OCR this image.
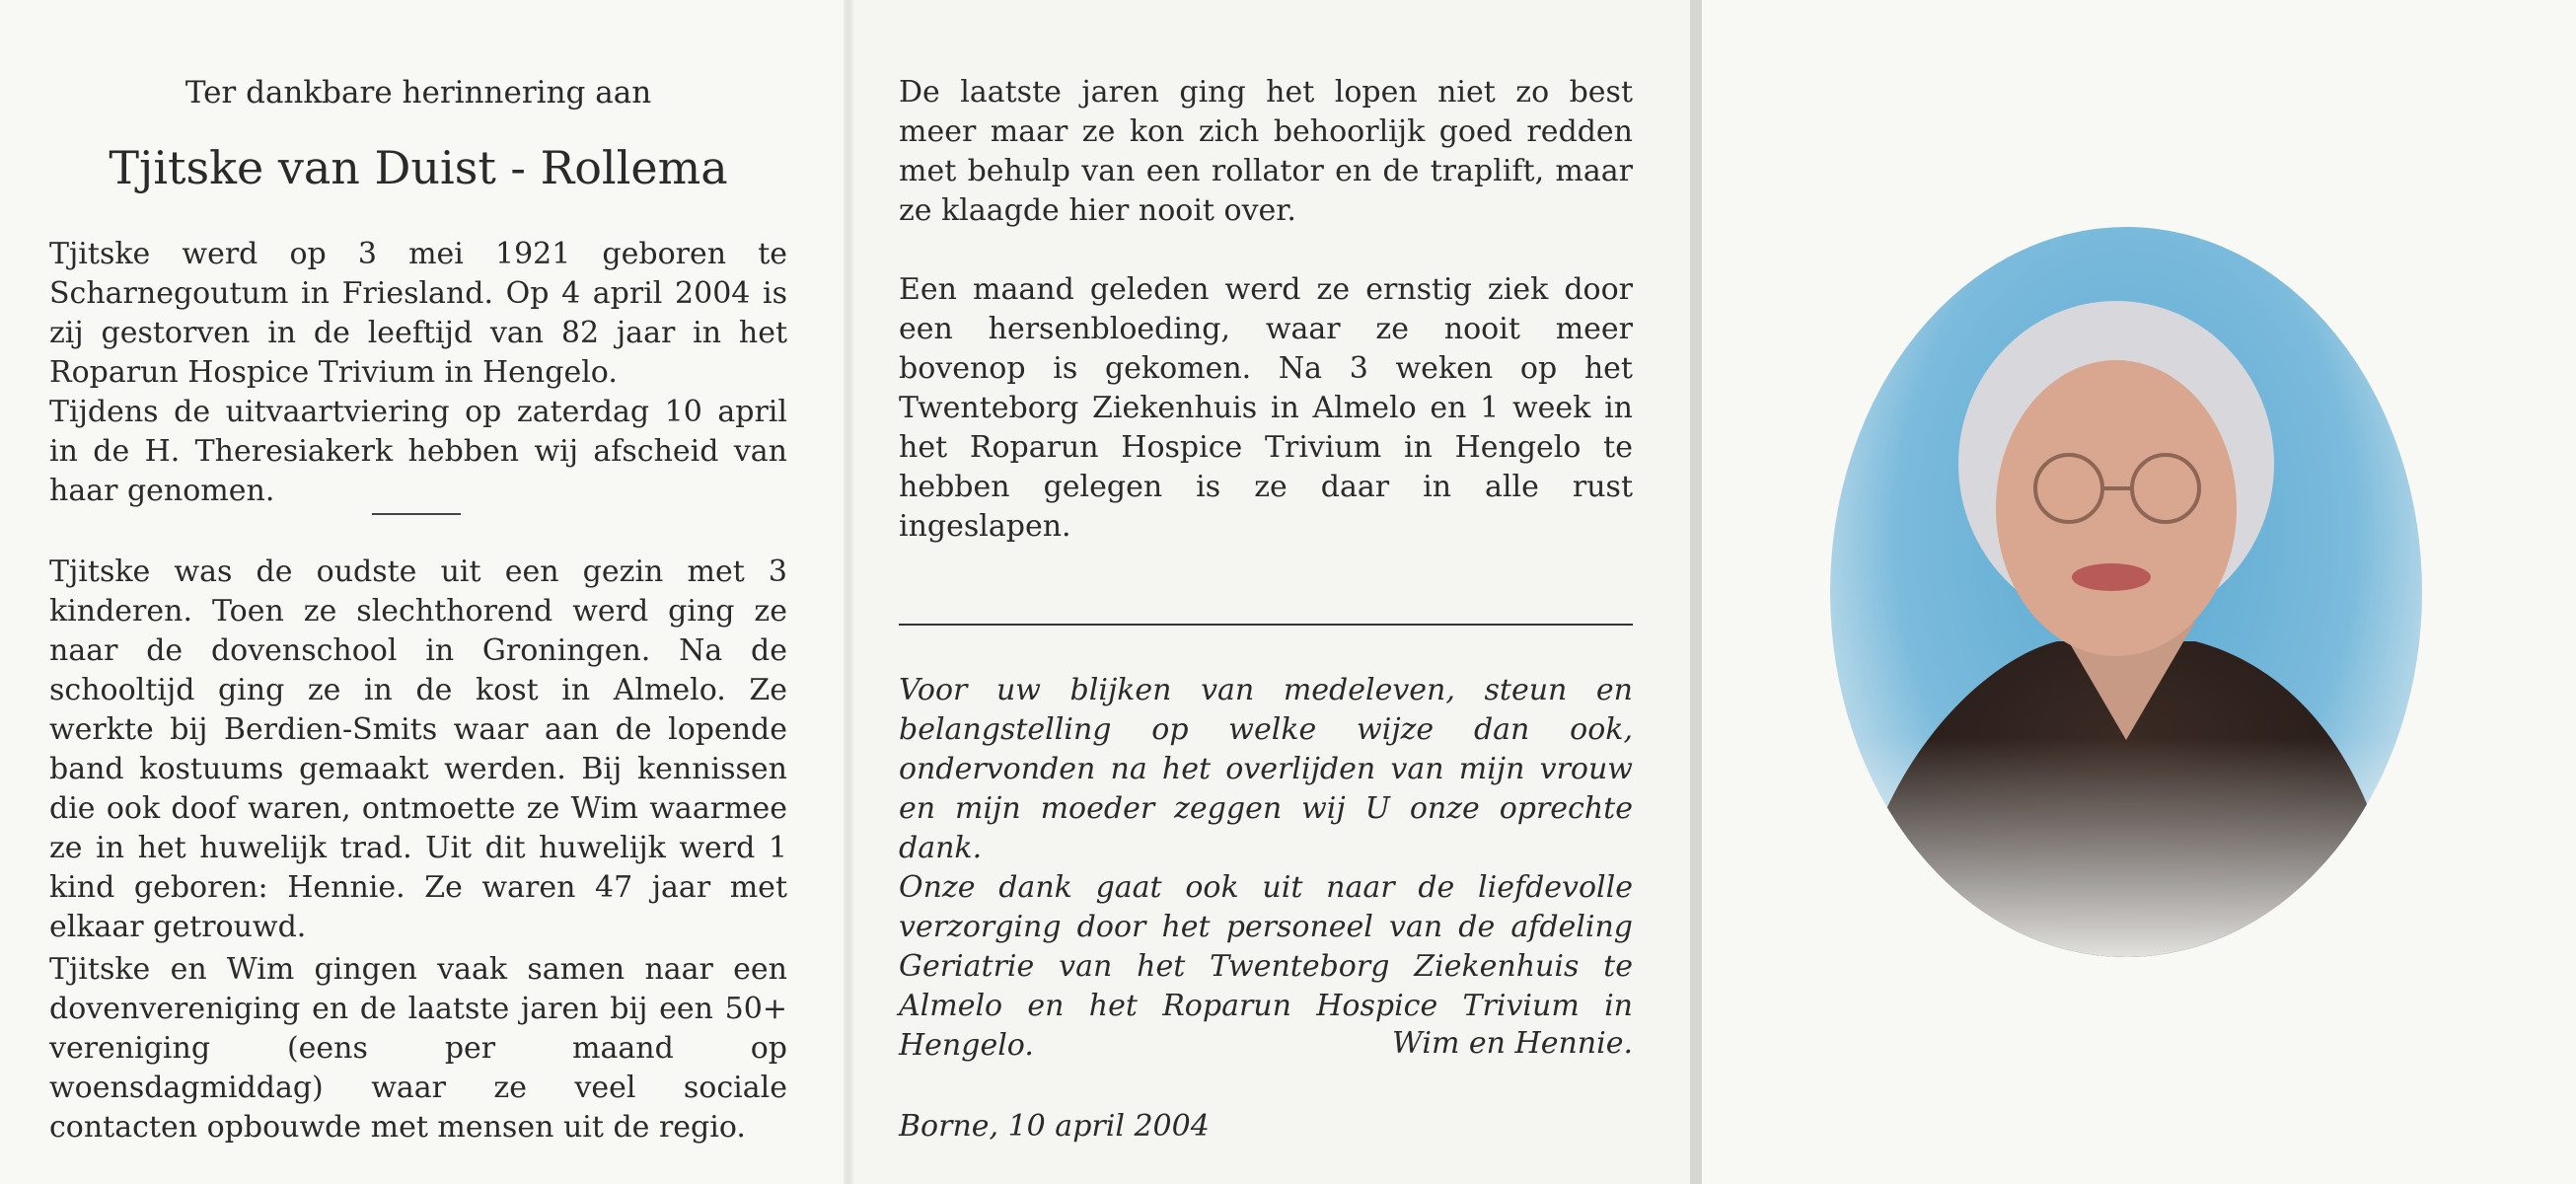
Ter dankbare herinnering aan
Tjitske van Duist - Rollema
Tjitske werd op 3 mei 1921 geboren te Scharnegoutum in Friesland. Op 4 april 2004 is zij gestorven in de leeftijd van 82 jaar in het Roparun Hospice Trivium in Hengelo.
Tijdens de uitvaartviering op zaterdag 10 april in de H. Theresiakerk hebben wij afscheid van haar genomen.
Tjitske was de oudste uit een gezin met 3 kinderen. Toen ze slechthorend werd ging ze naar de dovenschool in Groningen. Na de schooltijd ging ze in de kost in Almelo. Ze werkte bij Berdien-Smits waar aan de lopende band kostuums gemaakt werden. Bij kennissen die ook doof waren, ontmoette ze Wim waarmee ze in het huwelijk trad. Uit dit huwelijk werd 1 kind geboren: Hennie. Ze waren 47 jaar met elkaar getrouwd.
Tjitske en Wim gingen vaak samen naar een dovenvereniging en de laatste jaren bij een 50+ vereniging (eens per maand op woensdagmiddag) waar ze veel sociale contacten opbouwde met mensen uit de regio.
De laatste jaren ging het lopen niet zo best meer maar ze kon zich behoorlijk goed redden met behulp van een rollator en de traplift, maar ze klaagde hier nooit over.
Een maand geleden werd ze ernstig ziek door een hersenbloeding, waar ze nooit meer bovenop is gekomen. Na 3 weken op het Twenteborg Ziekenhuis in Almelo en 1 week in het Roparun Hospice Trivium in Hengelo te hebben gelegen is ze daar in alle rust ingeslapen.
Voor uw blijken van medeleven, steun en belangstelling op welke wijze dan ook, ondervonden na het overlijden van mijn vrouw en mijn moeder zeggen wij U onze oprechte dank.
Onze dank gaat ook uit naar de liefdevolle verzorging door het personeel van de afdeling Geriatrie van het Twenteborg Ziekenhuis te Almelo en het Roparun Hospice Trivium in Hengelo.	Wim en Hennie.
Borne, 10 april 2004
